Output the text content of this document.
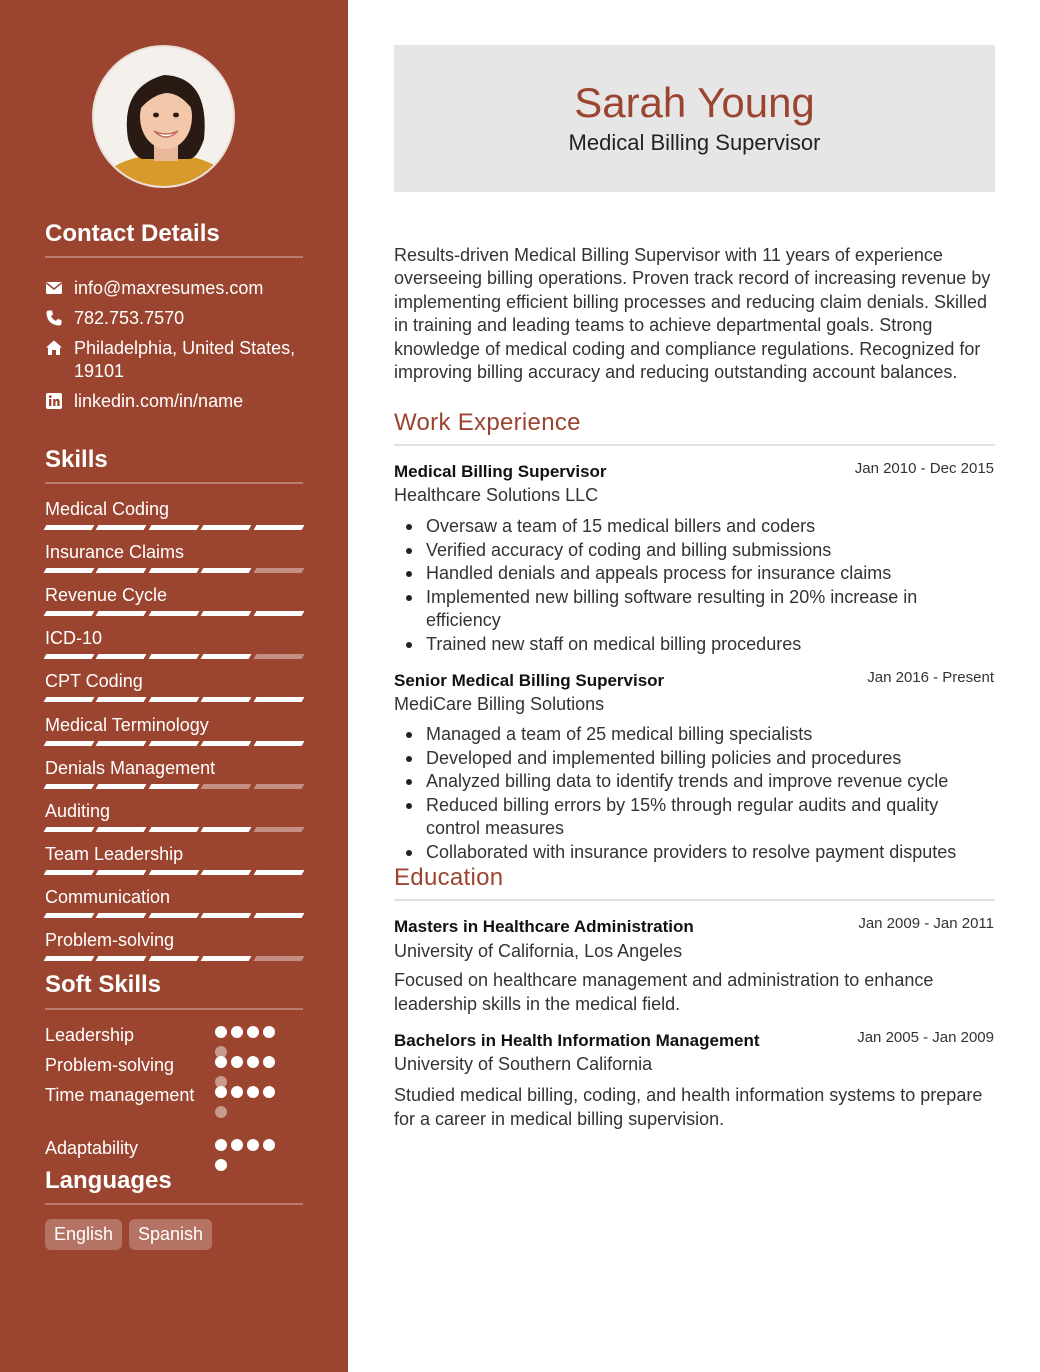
Contact Details
info@maxresumes.com
782.753.7570
Philadelphia, United States, 19101
linkedin.com/in/name
Skills
Medical Coding
Insurance Claims
Revenue Cycle
ICD-10
CPT Coding
Medical Terminology
Denials Management
Auditing
Team Leadership
Communication
Problem-solving
Soft Skills
Leadership
Problem-solving
Time management
Adaptability
Languages
English	Spanish
Sarah Young
Medical Billing Supervisor
Results-driven Medical Billing Supervisor with 11 years of experience overseeing billing operations. Proven track record of increasing revenue by implementing efficient billing processes and reducing claim denials. Skilled in training and leading teams to achieve departmental goals. Strong knowledge of medical coding and compliance regulations. Recognized for improving billing accuracy and reducing outstanding account balances.
Work Experience
Medical Billing Supervisor	Jan 2010 - Dec 2015
Healthcare Solutions LLC
Oversaw a team of 15 medical billers and coders
Verified accuracy of coding and billing submissions
Handled denials and appeals process for insurance claims
Implemented new billing software resulting in 20% increase in efficiency
Trained new staff on medical billing procedures
Senior Medical Billing Supervisor	Jan 2016 - Present
MediCare Billing Solutions
Managed a team of 25 medical billing specialists
Developed and implemented billing policies and procedures
Analyzed billing data to identify trends and improve revenue cycle
Reduced billing errors by 15% through regular audits and quality control measures
Collaborated with insurance providers to resolve payment disputes
Education
Masters in Healthcare Administration	Jan 2009 - Jan 2011
University of California, Los Angeles
Focused on healthcare management and administration to enhance leadership skills in the medical field.
Bachelors in Health Information Management	Jan 2005 - Jan 2009
University of Southern California
Studied medical billing, coding, and health information systems to prepare for a career in medical billing supervision.
